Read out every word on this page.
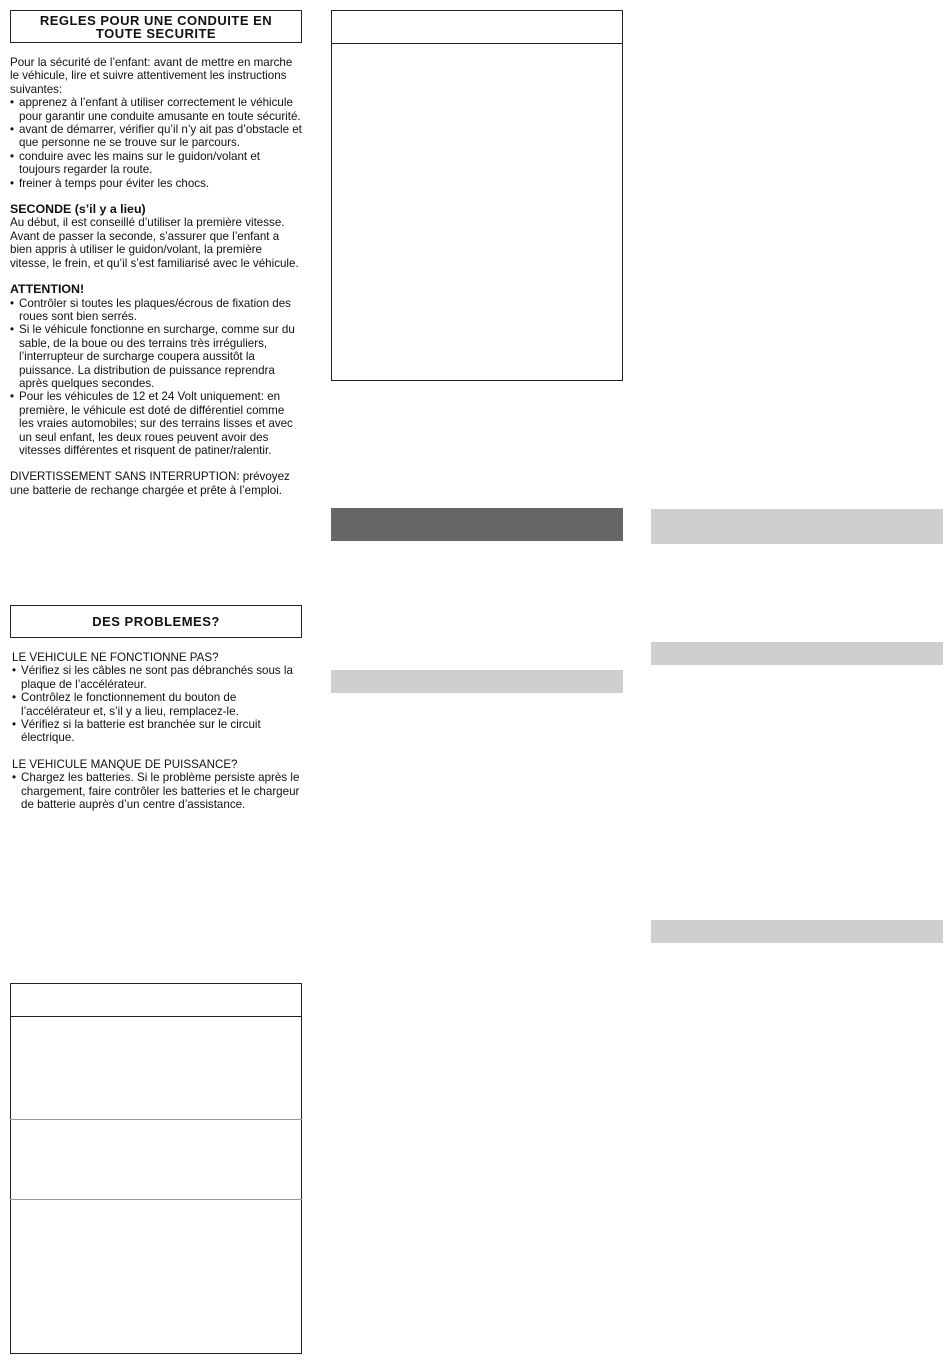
REGLES POUR UNE CONDUITE EN TOUTE SECURITE

Pour la sécurité de l’enfant: avant de mettre en marche le véhicule, lire et suivre attentivement les instructions suivantes:

• apprenez à l’enfant à utiliser correctement le véhicule pour garantir une conduite amusante en toute sécurité.
• avant de démarrer, vérifier qu’il n’y ait pas d’obstacle et que personne ne se trouve sur le parcours.
• conduire avec les mains sur le guidon/volant et toujours regarder la route.
• freiner à temps pour éviter les chocs.

SECONDE (s’il y a lieu)

Au début, il est conseillé d’utiliser la première vitesse. Avant de passer la seconde, s’assurer que l’enfant a bien appris à utiliser le guidon/volant, la première vitesse, le frein, et qu’il s’est familiarisé avec le véhicule.

ATTENTION!

• Contrôler si toutes les plaques/écrous de fixation des roues sont bien serrés.
• Si le véhicule fonctionne en surcharge, comme sur du sable, de la boue ou des terrains très irréguliers, l’interrupteur de surcharge coupera aussitôt la puissance. La distribution de puissance reprendra après quelques secondes.
• Pour les véhicules de 12 et 24 Volt uniquement: en première, le véhicule est doté de différentiel comme les vraies automobiles; sur des terrains lisses et avec un seul enfant, les deux roues peuvent avoir des vitesses différentes et risquent de patiner/ralentir.

DIVERTISSEMENT SANS INTERRUPTION: prévoyez une batterie de rechange chargée et prête à l’emploi.

DES PROBLEMES?

LE VEHICULE NE FONCTIONNE PAS?

• Vérifiez si les câbles ne sont pas débranchés sous la plaque de l’accélérateur.
• Contrôlez le fonctionnement du bouton de l’accélérateur et, s’il y a lieu, remplacez-le.
• Vérifiez si la batterie est branchée sur le circuit électrique.

LE VEHICULE MANQUE DE PUISSANCE?

• Chargez les batteries. Si le problème persiste après le chargement, faire contrôler les batteries et le chargeur de batterie auprès d’un centre d’assistance.
